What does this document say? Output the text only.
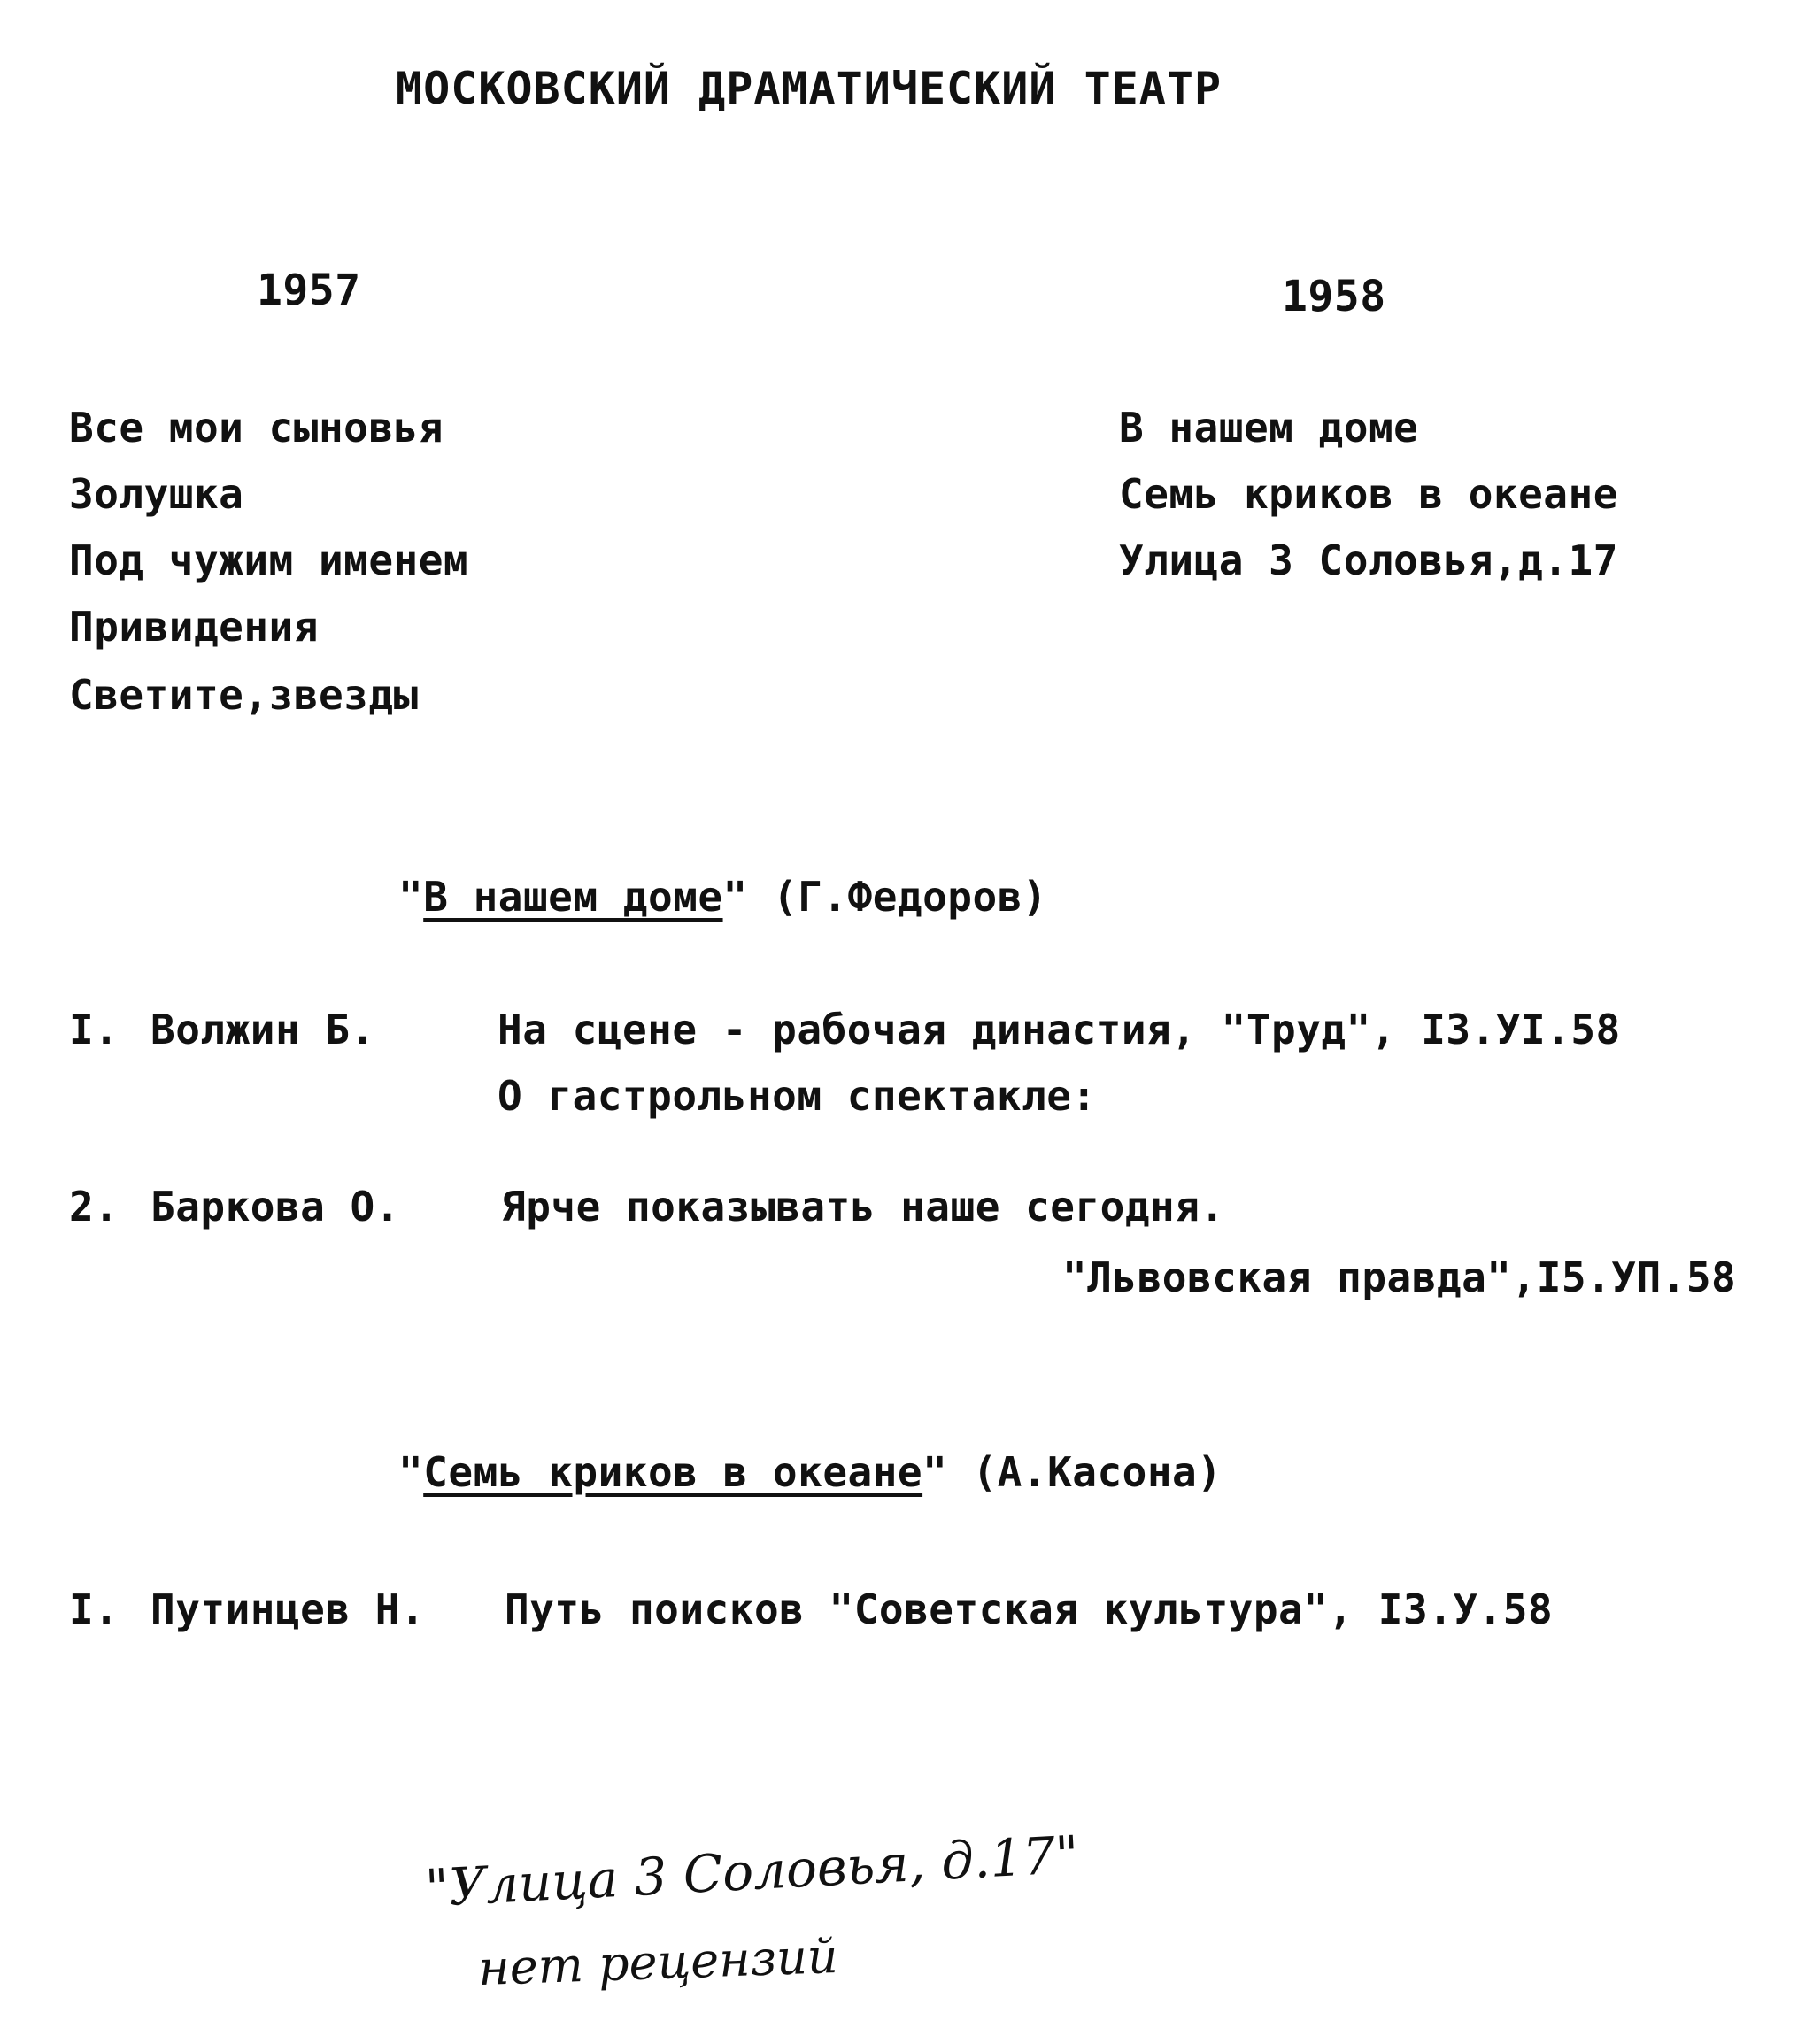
МОСКОВСКИЙ ДРАМАТИЧЕСКИЙ ТЕАТР
1957	1958
Все мои сыновья
Золушка
Под чужим именем
Привидения
Светите,звезды
В нашем доме
Семь криков в океане
Улица 3 Соловья,д.17
"В нашем доме" (Г.Федоров)
I. Волжин Б.	На сцене - рабочая династия, "Труд", I3.УI.58
О гастрольном спектакле:
2. Баркова О. Ярче показывать наше сегодня.
"Львовская правда",I5.УП.58
"Семь криков в океане" (А.Касона)
I. Путинцев Н. Путь поисков "Советская культура", I3.У.58
"Улица 3 Соловья, д.17"
нет рецензий
